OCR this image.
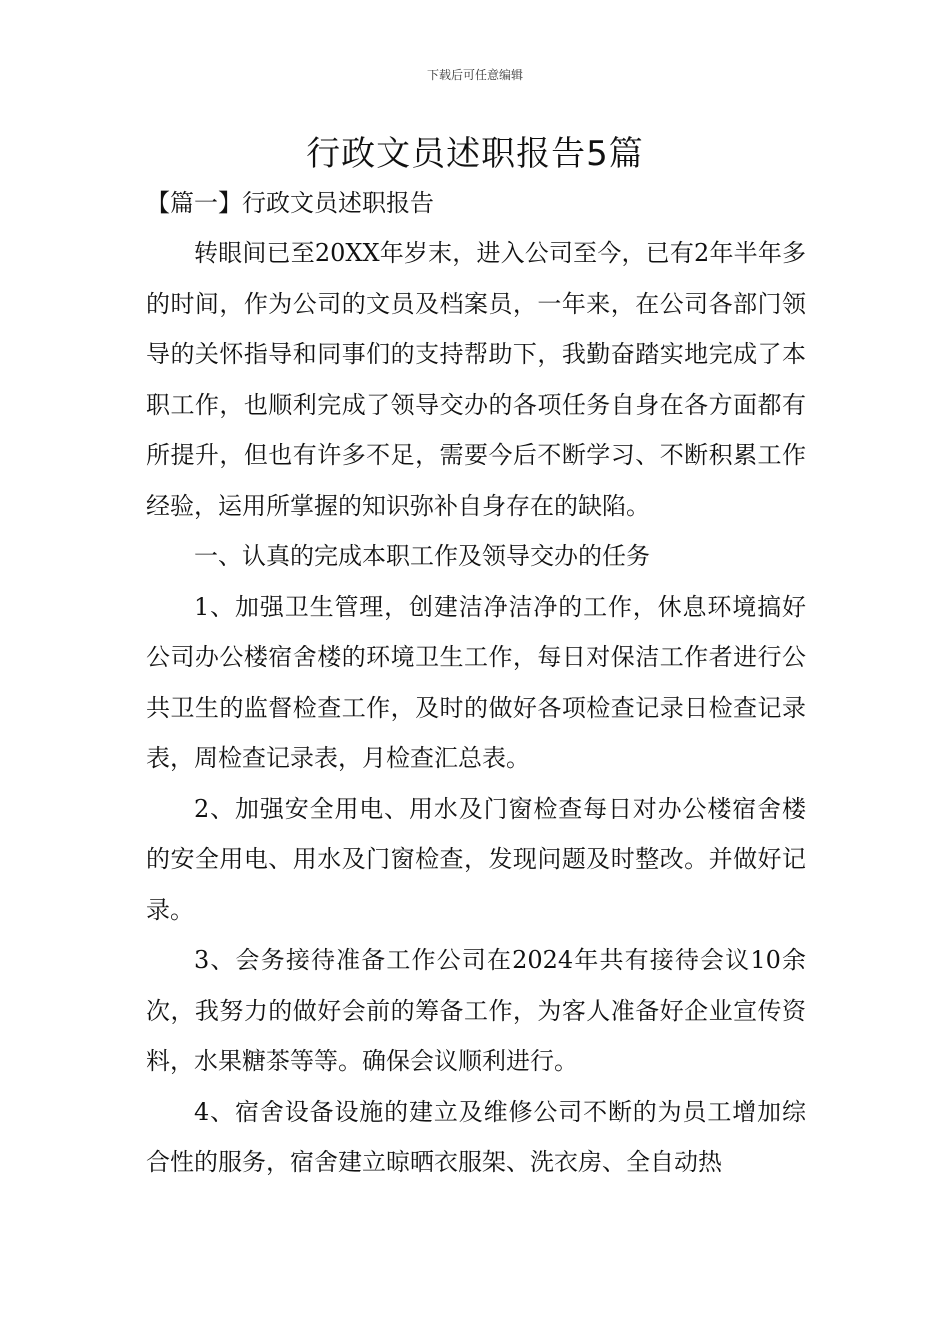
下载后可任意编辑
行政文员述职报告5篇
【篇一】行政文员述职报告

转眼间已至20XX年岁末，进入公司至今，已有2年半年多的时间，作为公司的文员及档案员，一年来，在公司各部门领导的关怀指导和同事们的支持帮助下，我勤奋踏实地完成了本职工作，也顺利完成了领导交办的各项任务自身在各方面都有所提升，但也有许多不足，需要今后不断学习、不断积累工作经验，运用所掌握的知识弥补自身存在的缺陷。

一、认真的完成本职工作及领导交办的任务

1、加强卫生管理，创建洁净洁净的工作，休息环境搞好公司办公楼宿舍楼的环境卫生工作，每日对保洁工作者进行公共卫生的监督检查工作，及时的做好各项检查记录日检查记录表，周检查记录表，月检查汇总表。

2、加强安全用电、用水及门窗检查每日对办公楼宿舍楼的安全用电、用水及门窗检查，发现问题及时整改。并做好记录。

3、会务接待准备工作公司在2024年共有接待会议10余次，我努力的做好会前的筹备工作，为客人准备好企业宣传资料，水果糖茶等等。确保会议顺利进行。

4、宿舍设备设施的建立及维修公司不断的为员工增加综合性的服务，宿舍建立晾晒衣服架、洗衣房、全自动热
